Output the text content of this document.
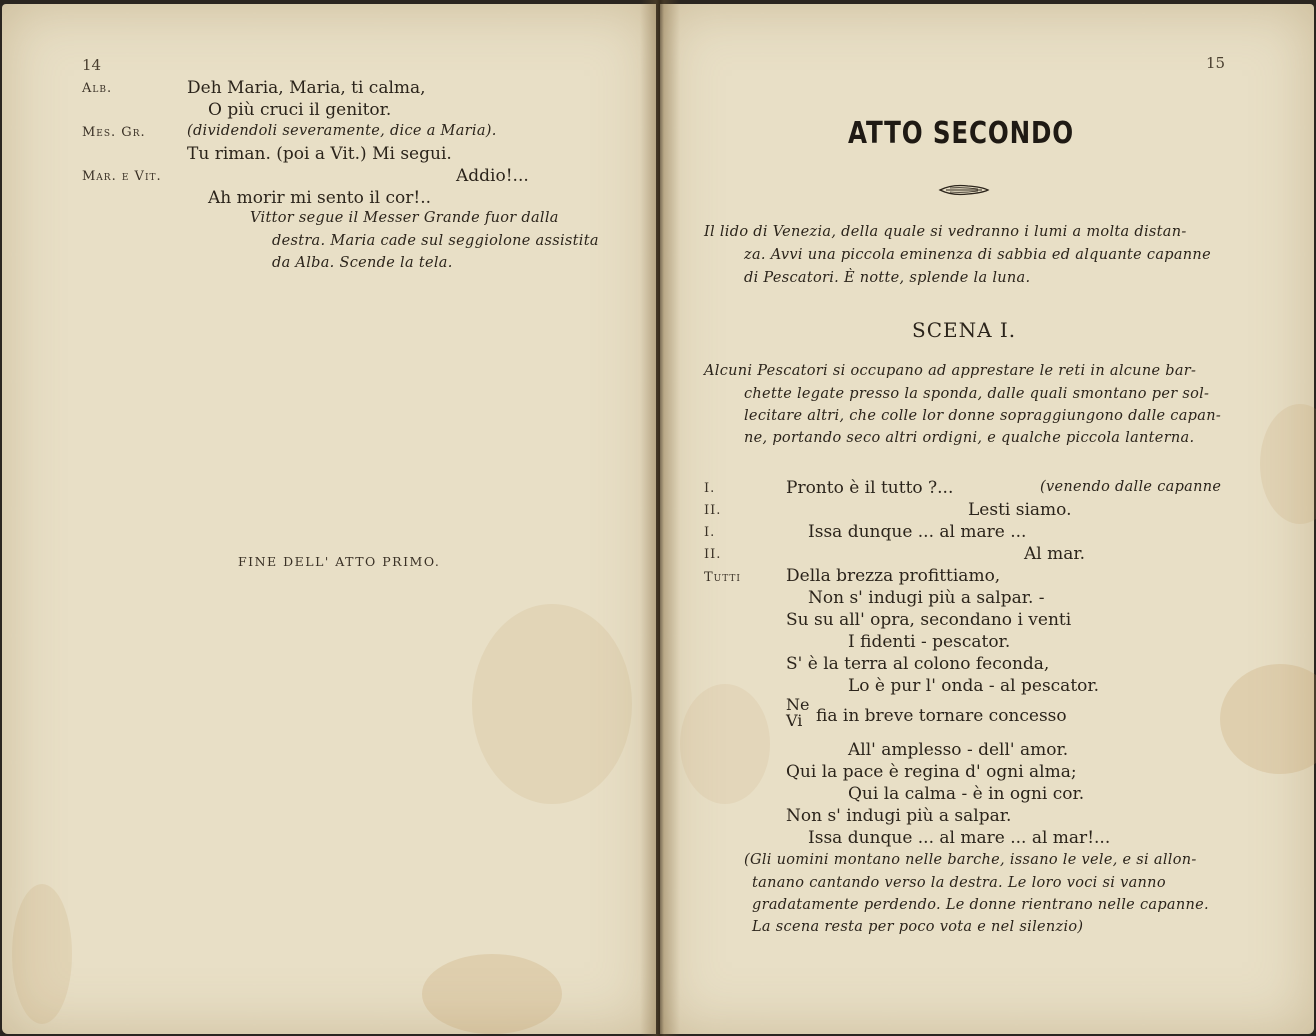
14
Alb.	Deh Maria, Maria, ti calma,
O più cruci il genitor.
Mes. Gr.	(dividendoli severamente, dice a Maria).
Tu riman. (poi a Vit.) Mi segui.
Mar. e Vit.	Addio!...
Ah morir mi sento il cor!..
Vittor segue il Messer Grande fuor dalla
destra. Maria cade sul seggiolone assistita
da Alba. Scende la tela.
FINE DELL' ATTO PRIMO.
15
ATTO SECONDO
Il lido di Venezia, della quale si vedranno i lumi a molta distan-
za. Avvi una piccola eminenza di sabbia ed alquante capanne
di Pescatori. È notte, splende la luna.
SCENA I.
Alcuni Pescatori si occupano ad apprestare le reti in alcune bar-
chette legate presso la sponda, dalle quali smontano per sol-
lecitare altri, che colle lor donne sopraggiungono dalle capan-
ne, portando seco altri ordigni, e qualche piccola lanterna.
I.	Pronto è il tutto ?...	(venendo dalle capanne
II.	Lesti siamo.
I.	Issa dunque ... al mare ...
II.	Al mar.
Tutti	Della brezza profittiamo,
Non s' indugi più a salpar. -
Su su all' opra, secondano i venti
I fidenti - pescator.
S' è la terra al colono feconda,
Lo è pur l' onda - al pescator.
Ne
Vi fia in breve tornare concesso
All' amplesso - dell' amor.
Qui la pace è regina d' ogni alma;
Qui la calma - è in ogni cor.
Non s' indugi più a salpar.
Issa dunque ... al mare ... al mar!...
(Gli uomini montano nelle barche, issano le vele, e si allon-
tanano cantando verso la destra. Le loro voci si vanno
gradatamente perdendo. Le donne rientrano nelle capanne.
La scena resta per poco vota e nel silenzio)
